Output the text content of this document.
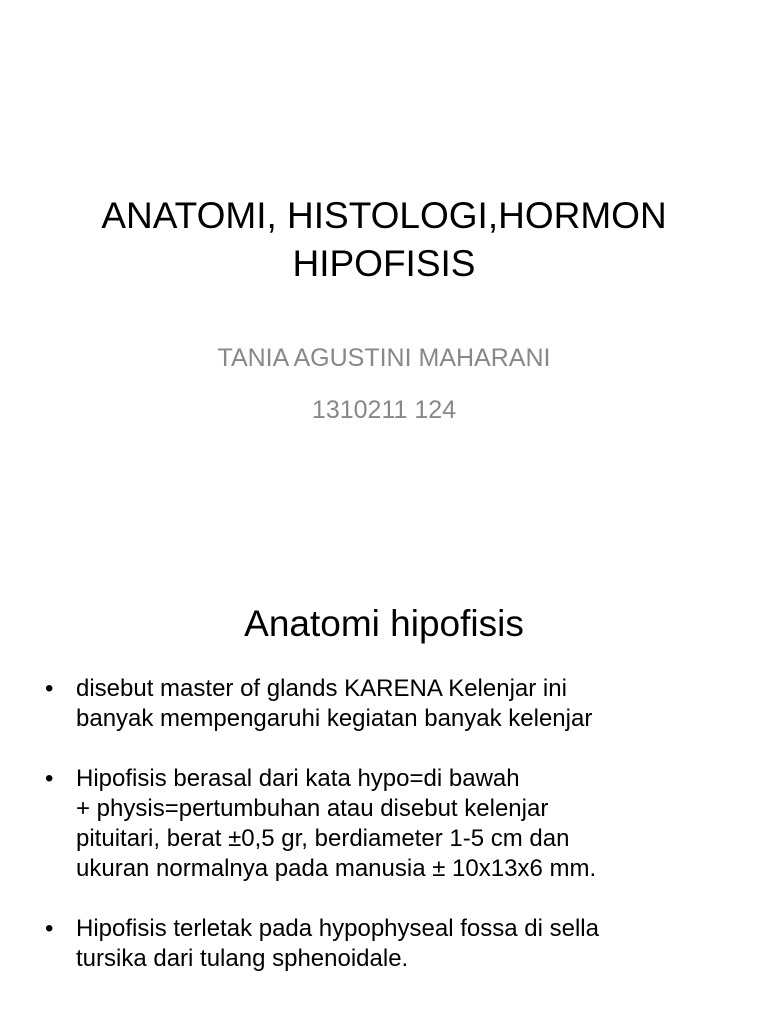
ANATOMI, HISTOLOGI,HORMON
HIPOFISIS
TANIA AGUSTINI MAHARANI
1310211 124
Anatomi hipofisis
• disebut master of glands KARENA Kelenjar ini
banyak mempengaruhi kegiatan banyak kelenjar
• Hipofisis berasal dari kata hypo=di bawah
+ physis=pertumbuhan atau disebut kelenjar
pituitari, berat ±0,5 gr, berdiameter 1-5 cm dan
ukuran normalnya pada manusia ± 10x13x6 mm.
• Hipofisis terletak pada hypophyseal fossa di sella
tursika dari tulang sphenoidale.
